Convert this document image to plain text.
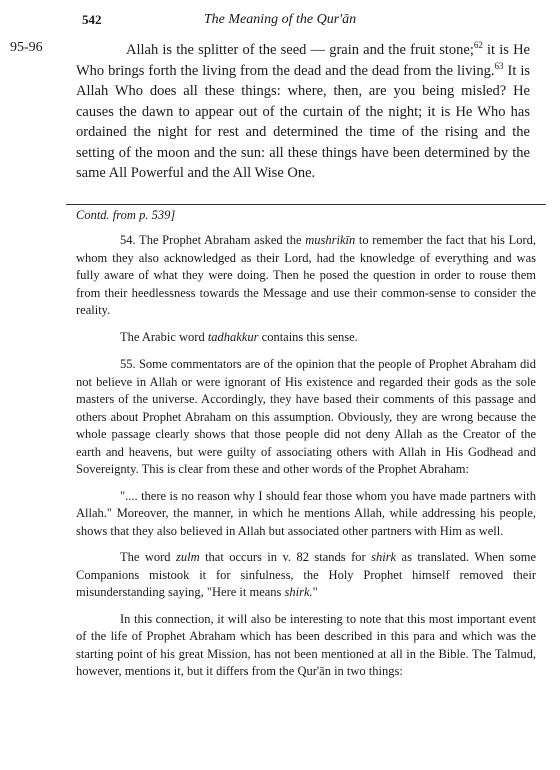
542	The Meaning of the Qur'ān
95-96	Allah is the splitter of the seed — grain and the fruit stone;$^{62}$ it is He Who brings forth the living from the dead and the dead from the living.$^{63}$ It is Allah Who does all these things: where, then, are you being misled? He causes the dawn to appear out of the curtain of the night; it is He Who has ordained the night for rest and determined the time of the rising and the setting of the moon and the sun: all these things have been determined by the same All Powerful and the All Wise One.

Contd. from p. 539]

54. The Prophet Abraham asked the mushrikīn to remember the fact that his Lord, whom they also acknowledged as their Lord, had the knowledge of everything and was fully aware of what they were doing. Then he posed the question in order to rouse them from their heedlessness towards the Message and use their common-sense to consider the reality.

The Arabic word tadhakkur contains this sense.

55. Some commentators are of the opinion that the people of Prophet Abraham did not believe in Allah or were ignorant of His existence and regarded their gods as the sole masters of the universe. Accordingly, they have based their comments of this passage and others about Prophet Abraham on this assumption. Obviously, they are wrong because the whole passage clearly shows that those people did not deny Allah as the Creator of the earth and heavens, but were guilty of associating others with Allah in His Godhead and Sovereignty. This is clear from these and other words of the Prophet Abraham:

".... there is no reason why I should fear those whom you have made partners with Allah." Moreover, the manner, in which he mentions Allah, while addressing his people, shows that they also believed in Allah but associated other partners with Him as well.

The word zulm that occurs in v. 82 stands for shirk as translated. When some Companions mistook it for sinfulness, the Holy Prophet himself removed their misunderstanding saying, "Here it means shirk."

In this connection, it will also be interesting to note that this most important event of the life of Prophet Abraham which has been described in this para and which was the starting point of his great Mission, has not been mentioned at all in the Bible. The Talmud, however, mentions it, but it differs from the Qur'ān in two things:
